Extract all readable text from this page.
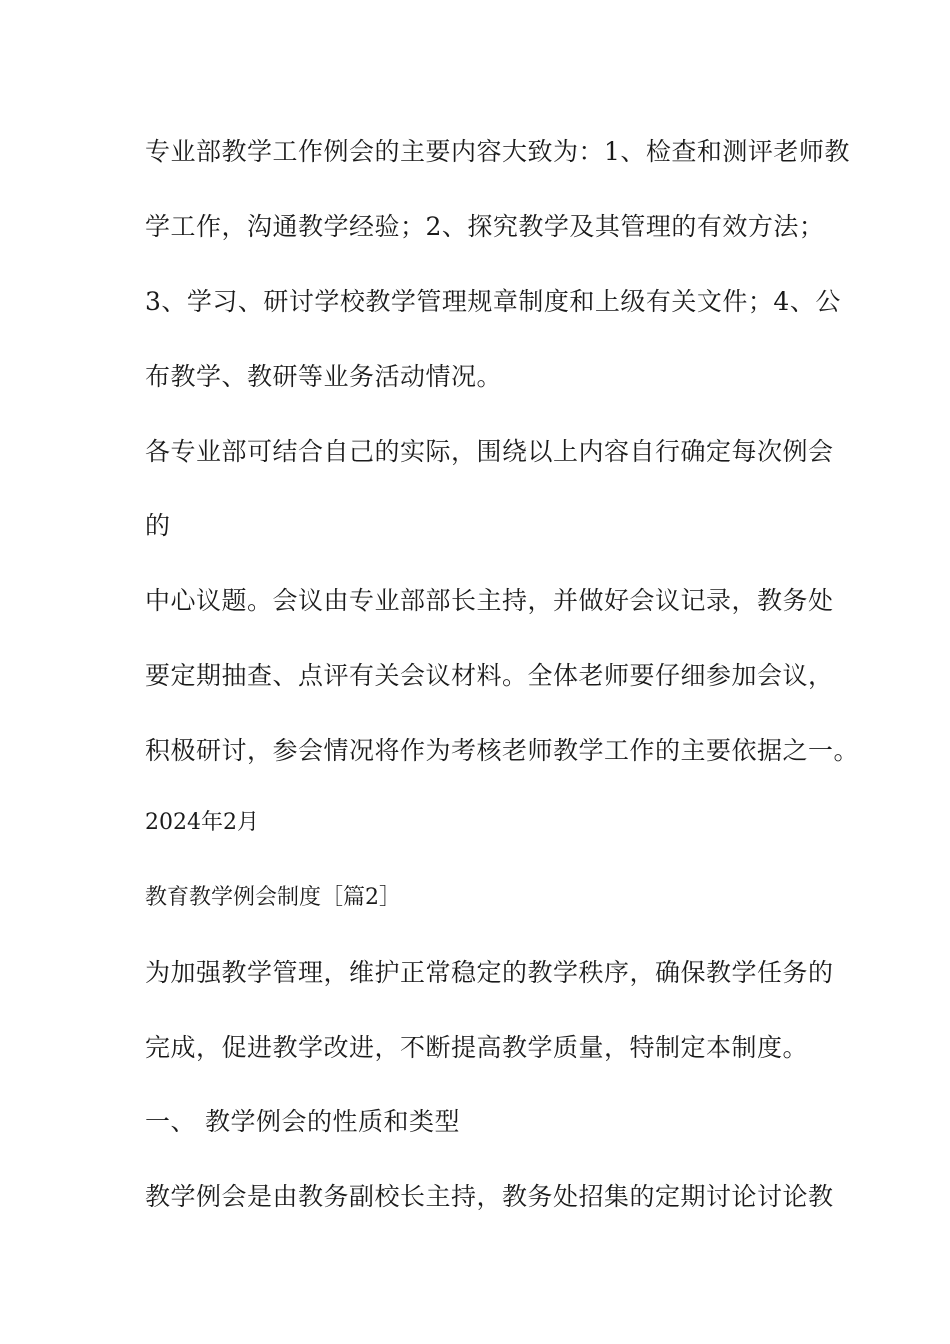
专业部教学工作例会的主要内容大致为：1、检查和测评老师教
学工作，沟通教学经验；2、探究教学及其管理的有效方法；
3、学习、研讨学校教学管理规章制度和上级有关文件；4、公
布教学、教研等业务活动情况。
各专业部可结合自己的实际，围绕以上内容自行确定每次例会
的
中心议题。会议由专业部部长主持，并做好会议记录，教务处
要定期抽查、点评有关会议材料。全体老师要仔细参加会议，
积极研讨，参会情况将作为考核老师教学工作的主要依据之一。
2024年2月
教育教学例会制度［篇2］
为加强教学管理，维护正常稳定的教学秩序，确保教学任务的
完成，促进教学改进，不断提高教学质量，特制定本制度。
一、 教学例会的性质和类型
教学例会是由教务副校长主持，教务处招集的定期讨论讨论教
